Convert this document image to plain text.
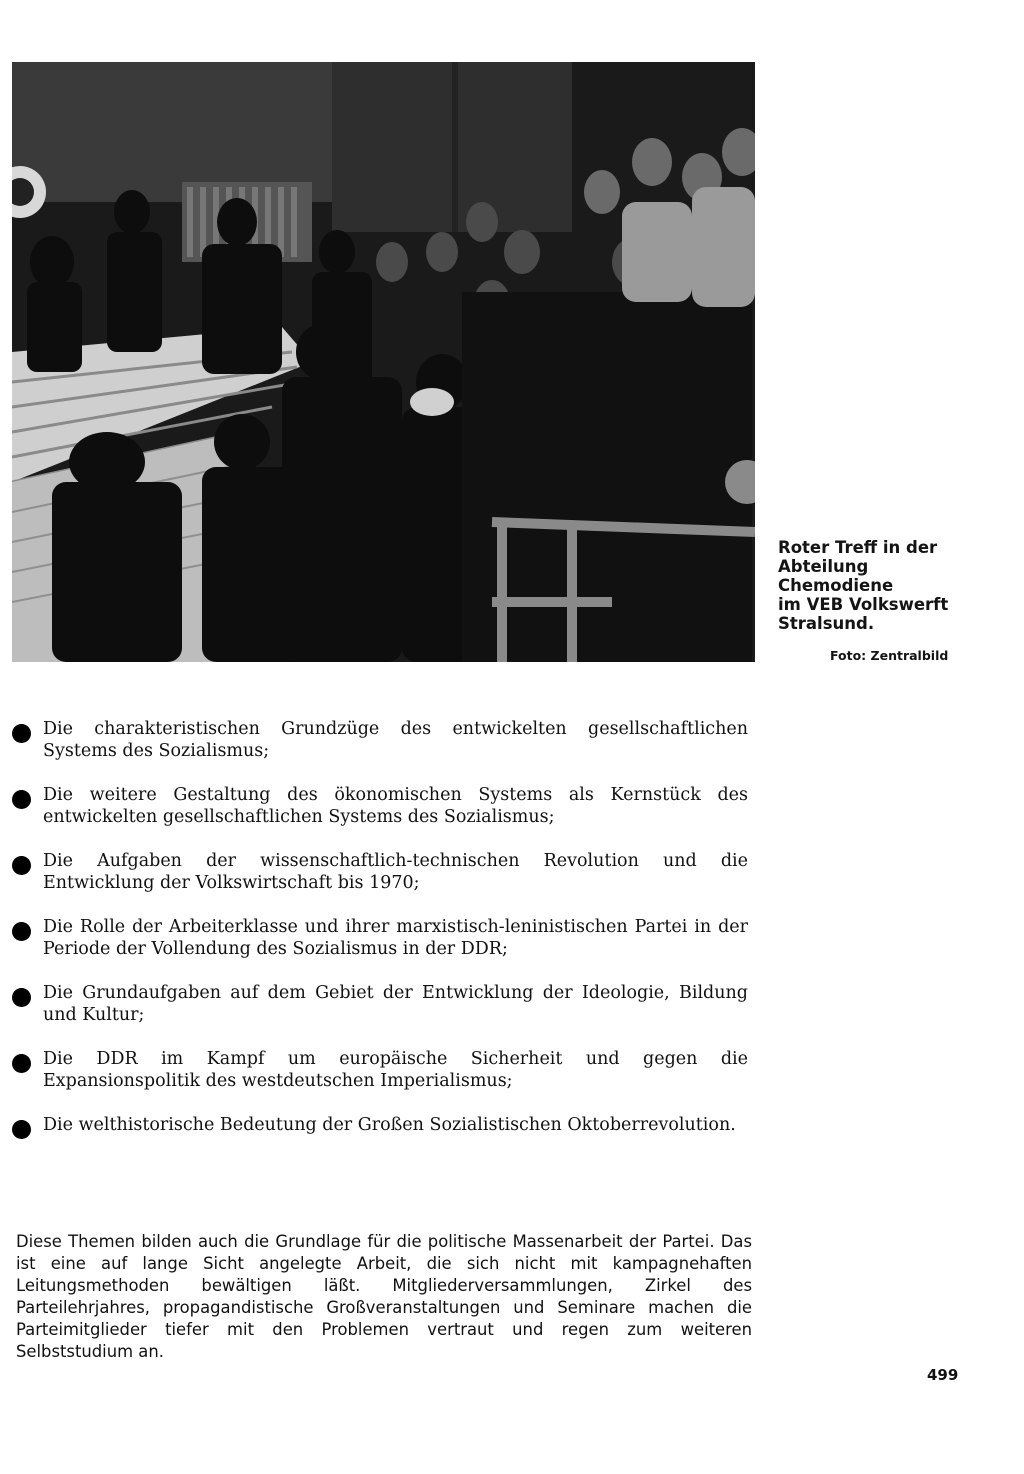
Roter Treff in der
Abteilung
Chemodiene
im VEB Volkswerft
Stralsund.
Foto: Zentralbild
Die charakteristischen Grundzüge des entwickelten gesellschaftlichen Systems des Sozialismus;
Die weitere Gestaltung des ökonomischen Systems als Kernstück des entwickelten gesellschaftlichen Systems des Sozialismus;
Die Aufgaben der wissenschaftlich-technischen Revolution und die Entwicklung der Volkswirtschaft bis 1970;
Die Rolle der Arbeiterklasse und ihrer marxistisch-leninistischen Partei in der Periode der Vollendung des Sozialismus in der DDR;
Die Grundaufgaben auf dem Gebiet der Entwicklung der Ideologie, Bildung und Kultur;
Die DDR im Kampf um europäische Sicherheit und gegen die Expansionspolitik des westdeutschen Imperialismus;
Die welthistorische Bedeutung der Großen Sozialistischen Oktoberrevolution.

Diese Themen bilden auch die Grundlage für die politische Massenarbeit der Partei. Das ist eine auf lange Sicht angelegte Arbeit, die sich nicht mit kampagnehaften Leitungsmethoden bewältigen läßt. Mitgliederversammlungen, Zirkel des Parteilehrjahres, propagandistische Großveranstaltungen und Seminare machen die Parteimitglieder tiefer mit den Problemen vertraut und regen zum weiteren Selbststudium an.

499
